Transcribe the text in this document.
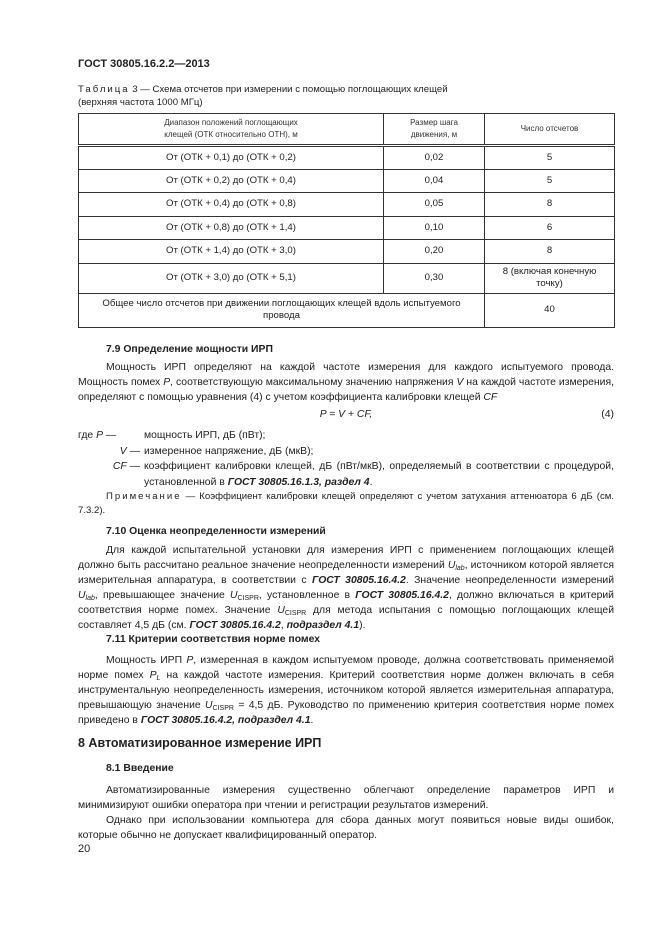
ГОСТ 30805.16.2.2—2013
Таблица 3 — Схема отсчетов при измерении с помощью поглощающих клещей
(верхняя частота 1000 МГц)
Диапазон положений поглощающих клещей (ОТК относительно ОТН), м	Размер шага движения, м	Число отсчетов
От (ОТК + 0,1) до (ОТК + 0,2)	0,02	5
От (ОТК + 0,2) до (ОТК + 0,4)	0,04	5
От (ОТК + 0,4) до (ОТК + 0,8)	0,05	8
От (ОТК + 0,8) до (ОТК + 1,4)	0,10	6
От (ОТК + 1,4) до (ОТК + 3,0)	0,20	8
От (ОТК + 3,0) до (ОТК + 5,1)	0,30	8 (включая конечную точку)
Общее число отсчетов при движении поглощающих клещей вдоль испытуемого провода		40
7.9 Определение мощности ИРП
Мощность ИРП определяют на каждой частоте измерения для каждого испытуемого провода. Мощность помех P, соответствующую максимальному значению напряжения V на каждой частоте измерения, определяют с помощью уравнения (4) с учетом коэффициента калибровки клещей CF
P = V + CF,	(4)
где P —	мощность ИРП, дБ (пВт);
V — измеренное напряжение, дБ (мкВ);
CF — коэффициент калибровки клещей, дБ (пВт/мкВ), определяемый в соответствии с процедурой, установленной в ГОСТ 30805.16.1.3, раздел 4.
Примечание — Коэффициент калибровки клещей определяют с учетом затухания аттенюатора 6 дБ (см. 7.3.2).
7.10 Оценка неопределенности измерений
Для каждой испытательной установки для измерения ИРП с применением поглощающих клещей должно быть рассчитано реальное значение неопределенности измерений $U_{lab}$, источником которой является измерительная аппаратура, в соответствии с ГОСТ 30805.16.4.2. Значение неопределенности измерений $U_{lab}$, превышающее значение $U_{CISPR}$, установленное в ГОСТ 30805.16.4.2, должно включаться в критерий соответствия норме помех. Значение $U_{CISPR}$ для метода испытания с помощью поглощающих клещей составляет 4,5 дБ (см. ГОСТ 30805.16.4.2, подраздел 4.1).
7.11 Критерии соответствия норме помех
Мощность ИРП P, измеренная в каждом испытуемом проводе, должна соответствовать применяемой норме помех $P_L$ на каждой частоте измерения. Критерий соответствия норме должен включать в себя инструментальную неопределенность измерения, источником которой является измерительная аппаратура, превышающую значение $U_{CISPR} = 4,5$ дБ. Руководство по применению критерия соответствия норме помех приведено в ГОСТ 30805.16.4.2, подраздел 4.1.
8 Автоматизированное измерение ИРП
8.1 Введение
Автоматизированные измерения существенно облегчают определение параметров ИРП и минимизируют ошибки оператора при чтении и регистрации результатов измерений.
Однако при использовании компьютера для сбора данных могут появиться новые виды ошибок, которые обычно не допускает квалифицированный оператор.
20
